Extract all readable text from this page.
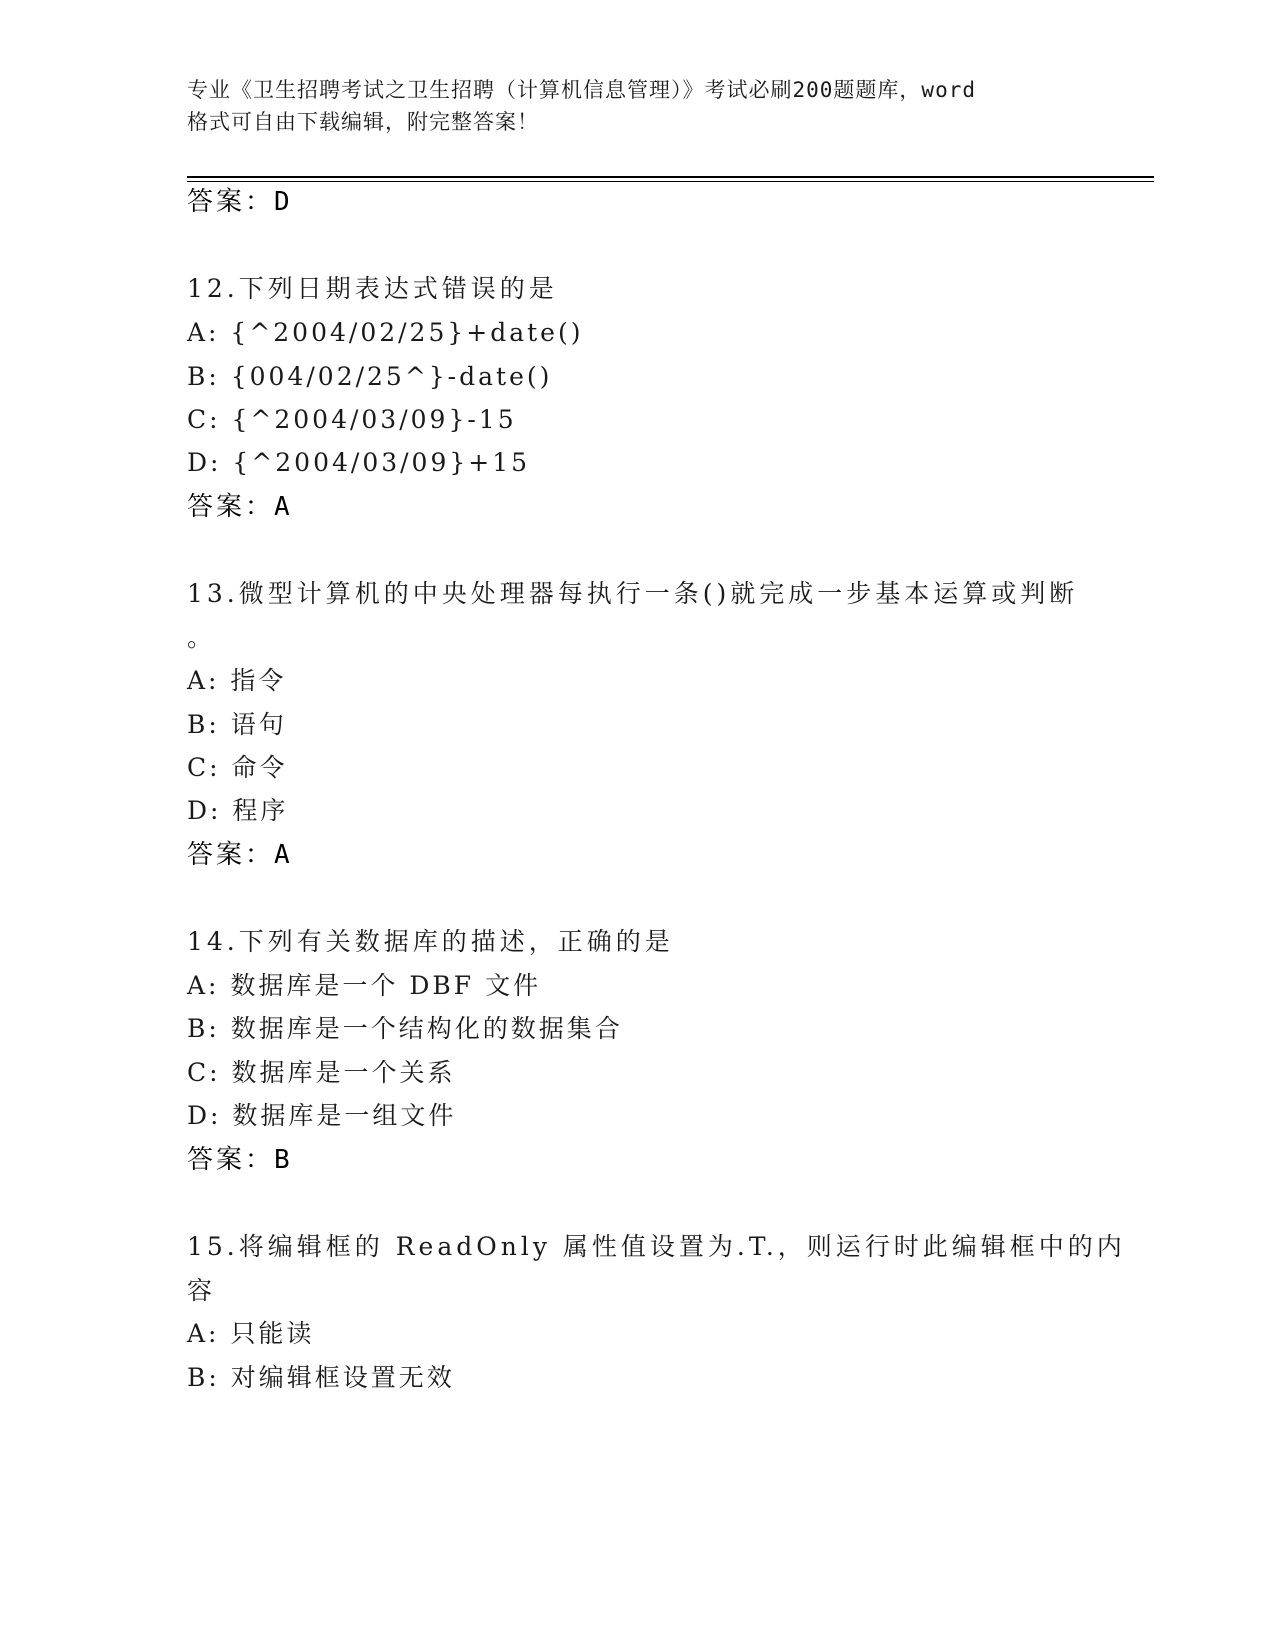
专业《卫生招聘考试之卫生招聘（计算机信息管理）》考试必刷200题题库，word
格式可自由下载编辑，附完整答案！
答案：D
12.下列日期表达式错误的是
A: {^2004/02/25}+date()
B: {004/02/25^}-date()
C: {^2004/03/09}-15
D: {^2004/03/09}+15
答案：A
13.微型计算机的中央处理器每执行一条()就完成一步基本运算或判断
。
A: 指令
B: 语句
C: 命令
D: 程序
答案：A
14.下列有关数据库的描述，正确的是
A: 数据库是一个 DBF 文件
B: 数据库是一个结构化的数据集合
C: 数据库是一个关系
D: 数据库是一组文件
答案：B
15.将编辑框的 ReadOnly 属性值设置为.T.，则运行时此编辑框中的内
容
A: 只能读
B: 对编辑框设置无效
